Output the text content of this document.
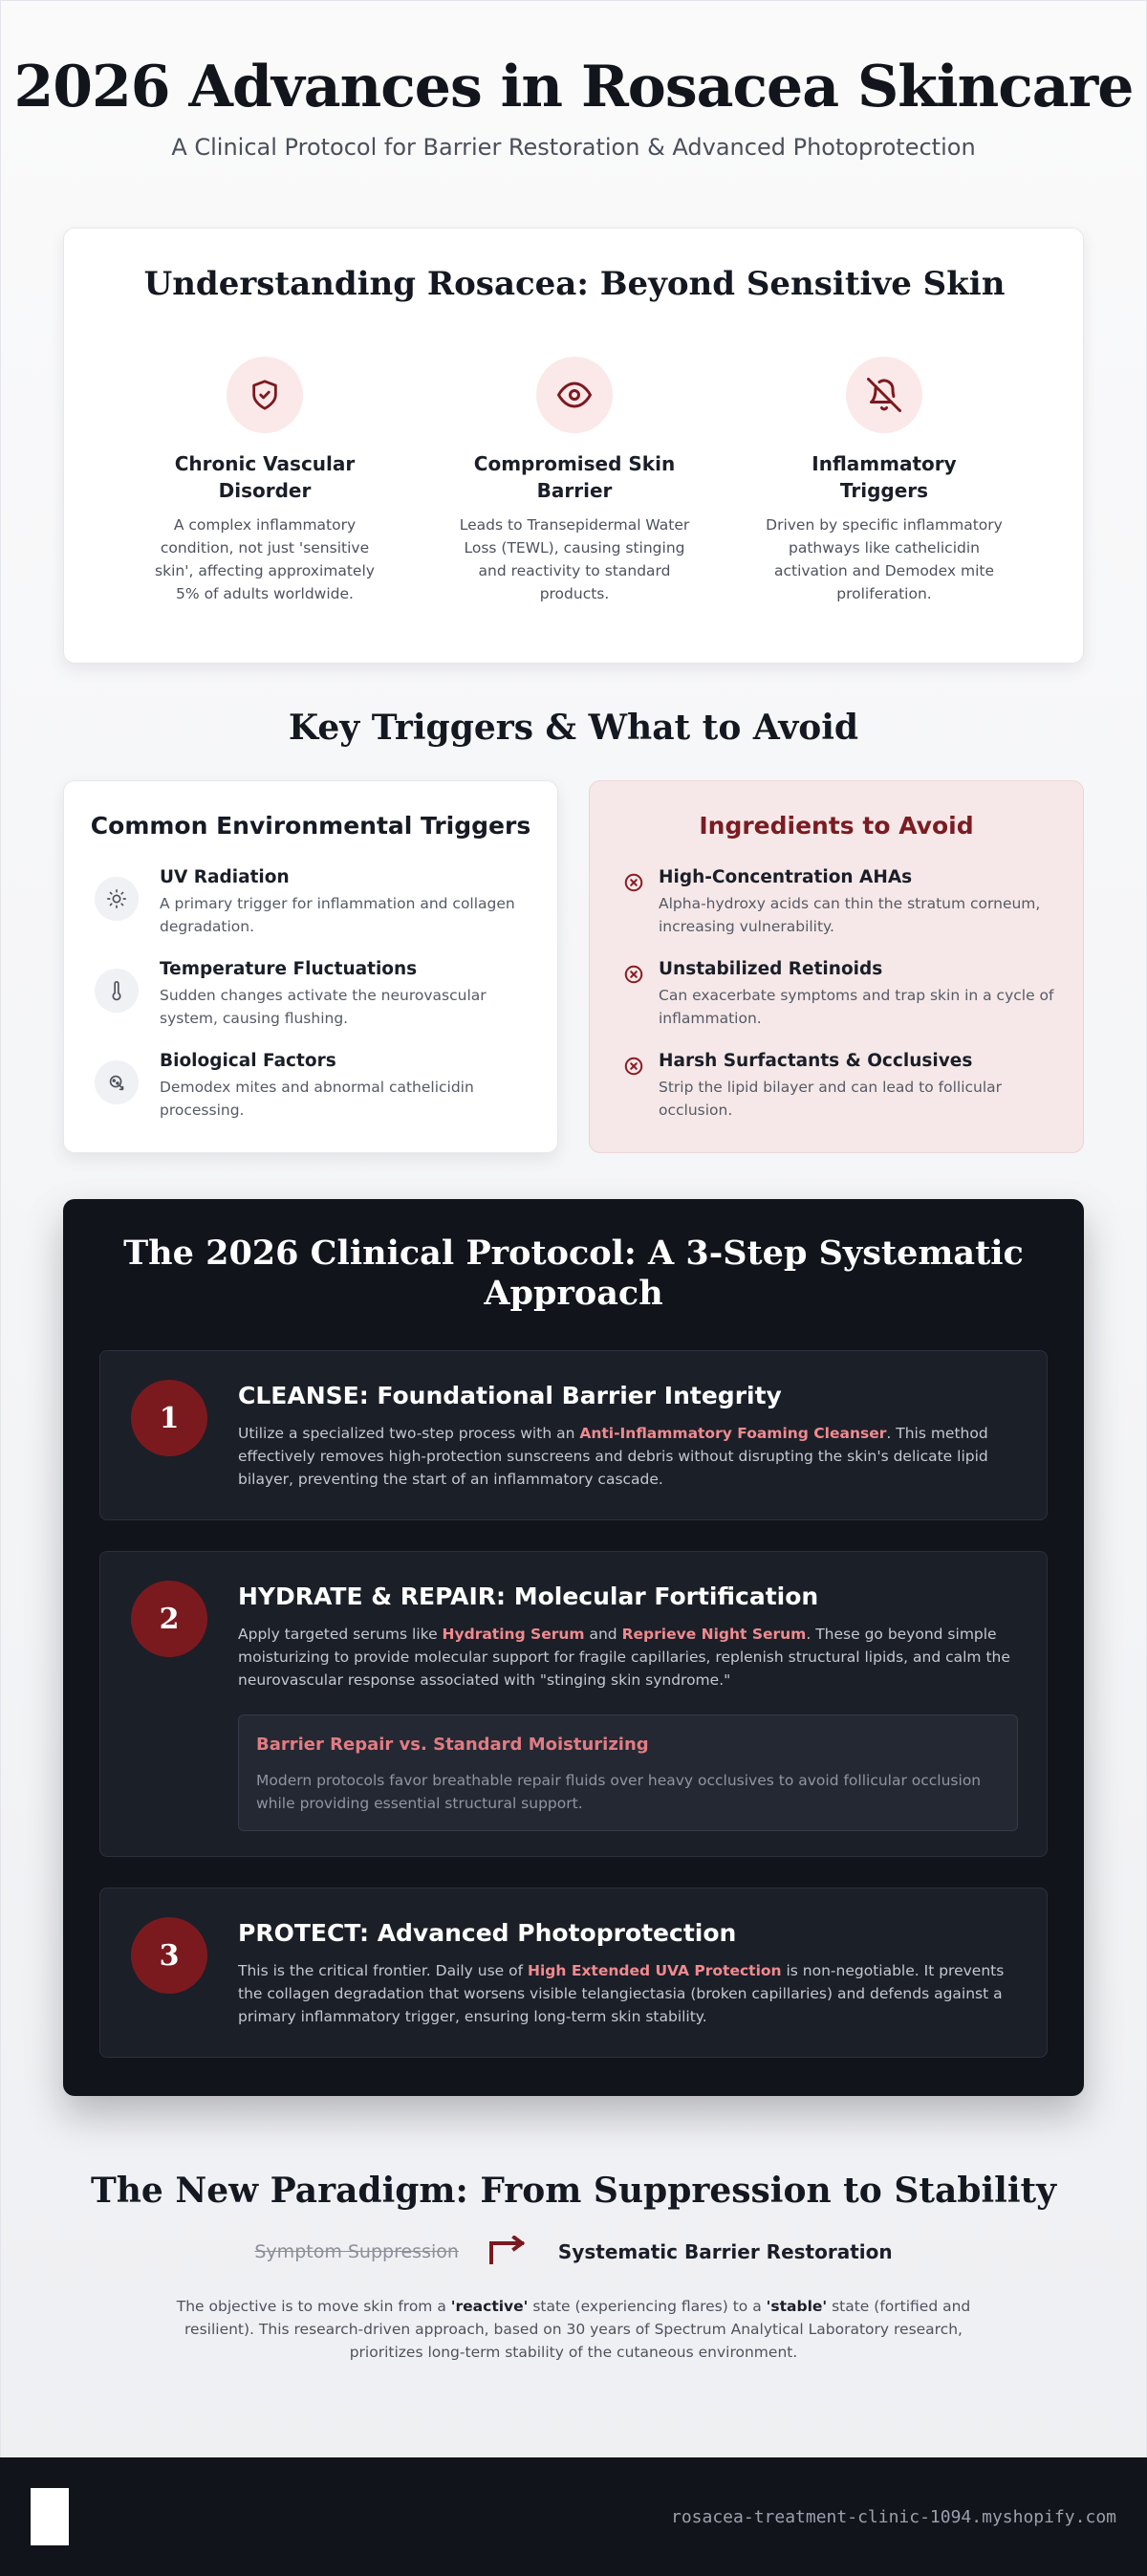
2026 Advances in Rosacea Skincare
A Clinical Protocol for Barrier Restoration & Advanced Photoprotection
Understanding Rosacea: Beyond Sensitive Skin
Chronic Vascular Disorder

A complex inflammatory condition, not just 'sensitive skin', affecting approximately 5% of adults worldwide.

Compromised Skin Barrier

Leads to Transepidermal Water Loss (TEWL), causing stinging and reactivity to standard products.

Inflammatory Triggers

Driven by specific inflammatory pathways like cathelicidin activation and Demodex mite proliferation.

Key Triggers & What to Avoid
Common Environmental Triggers
UV Radiation

A primary trigger for inflammation and collagen degradation.

Temperature Fluctuations

Sudden changes activate the neurovascular system, causing flushing.

Biological Factors

Demodex mites and abnormal cathelicidin processing.

Ingredients to Avoid
High-Concentration AHAs

Alpha-hydroxy acids can thin the stratum corneum, increasing vulnerability.

Unstabilized Retinoids

Can exacerbate symptoms and trap skin in a cycle of inflammation.

Harsh Surfactants & Occlusives

Strip the lipid bilayer and can lead to follicular occlusion.

The 2026 Clinical Protocol: A 3-Step Systematic Approach
1
CLEANSE: Foundational Barrier Integrity

Utilize a specialized two-step process with an Anti-Inflammatory Foaming Cleanser. This method effectively removes high-protection sunscreens and debris without disrupting the skin's delicate lipid bilayer, preventing the start of an inflammatory cascade.

2
HYDRATE & REPAIR: Molecular Fortification

Apply targeted serums like Hydrating Serum and Reprieve Night Serum. These go beyond simple moisturizing to provide molecular support for fragile capillaries, replenish structural lipids, and calm the neurovascular response associated with "stinging skin syndrome."

Barrier Repair vs. Standard Moisturizing

Modern protocols favor breathable repair fluids over heavy occlusives to avoid follicular occlusion while providing essential structural support.

3
PROTECT: Advanced Photoprotection

This is the critical frontier. Daily use of High Extended UVA Protection is non-negotiable. It prevents the collagen degradation that worsens visible telangiectasia (broken capillaries) and defends against a primary inflammatory trigger, ensuring long-term skin stability.

The New Paradigm: From Suppression to Stability
Symptom Suppression	Systematic Barrier Restoration

The objective is to move skin from a 'reactive' state (experiencing flares) to a 'stable' state (fortified and resilient). This research-driven approach, based on 30 years of Spectrum Analytical Laboratory research, prioritizes long-term stability of the cutaneous environment.

rosacea-treatment-clinic-1094.myshopify.com
